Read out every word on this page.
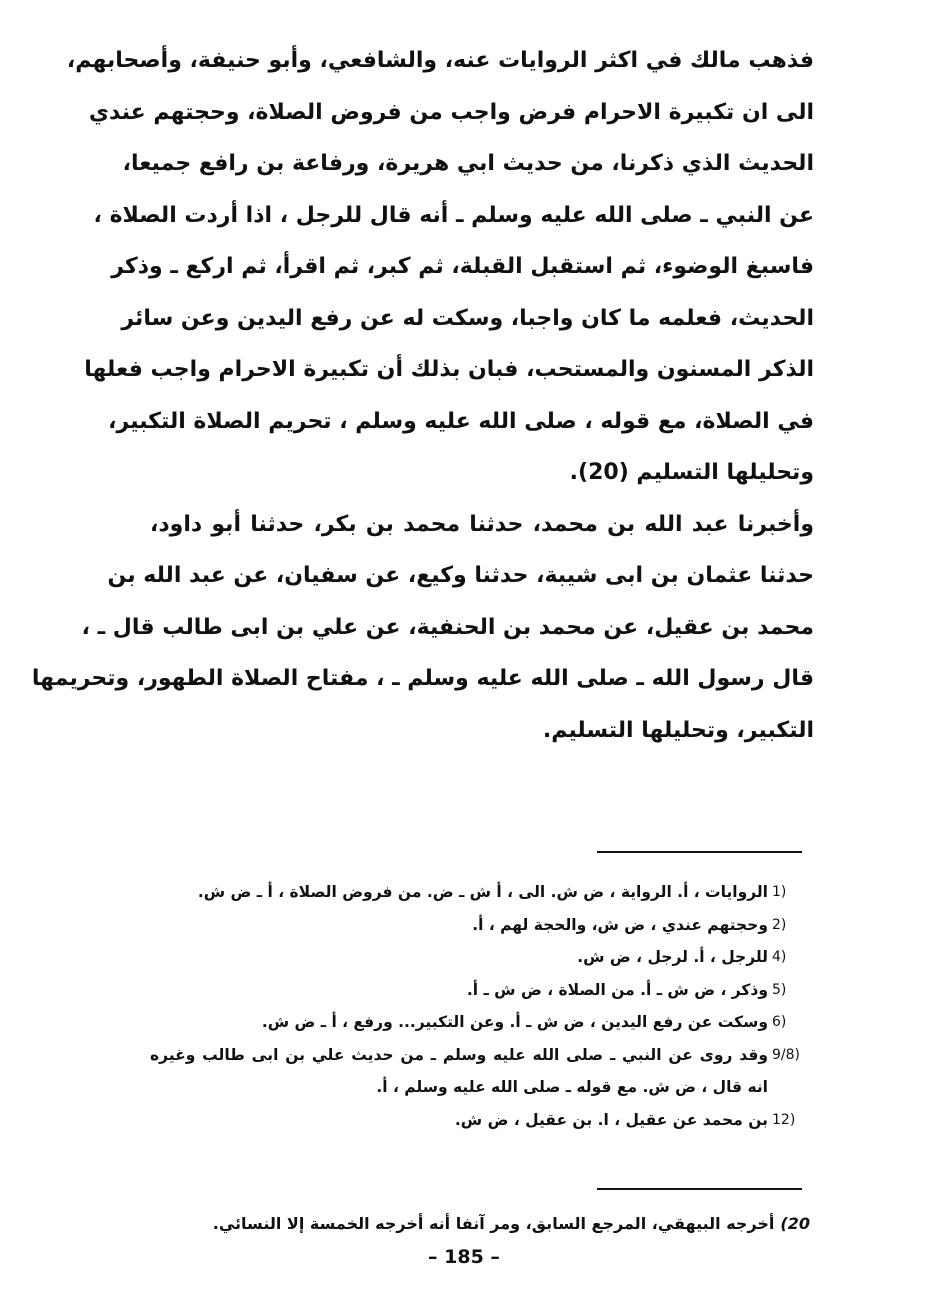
فذهب مالك في اكثر الروايات عنه، والشافعي، وأبو حنيفة، وأصحابهم،
الى ان تكبيرة الاحرام فرض واجب من فروض الصلاة، وحجتهم عندي
الحديث الذي ذكرنا، من حديث ابي هريرة، ورفاعة بن رافع جميعا،
عن النبي ـ صلى الله عليه وسلم ـ أنه قال للرجل ، اذا أردت الصلاة ،
فاسبغ الوضوء، ثم استقبل القبلة، ثم كبر، ثم اقرأ، ثم اركع ـ وذكر
الحديث، فعلمه ما كان واجبا، وسكت له عن رفع اليدين وعن سائر
الذكر المسنون والمستحب، فبان بذلك أن تكبيرة الاحرام واجب فعلها
في الصلاة، مع قوله ، صلى الله عليه وسلم ، تحريم الصلاة التكبير،
وتحليلها التسليم (20).
وأخبرنا عبد الله بن محمد، حدثنا محمد بن بكر، حدثنا أبو داود،
حدثنا عثمان بن ابى شيبة، حدثنا وكيع، عن سفيان، عن عبد الله بن
محمد بن عقيل، عن محمد بن الحنفية، عن علي بن ابى طالب قال ـ ،
قال رسول الله ـ صلى الله عليه وسلم ـ ، مفتاح الصلاة الطهور، وتحريمها
التكبير، وتحليلها التسليم.
1)
الروايات ، أ. الرواية ، ض ش. الى ، أ ش ـ ض. من فروض الصلاة ، أ ـ ض ش.
2)
وحجتهم عندي ، ض ش، والحجة لهم ، أ.
4)
للرجل ، أ. لرجل ، ض ش.
5)
وذكر ، ض ش ـ أ. من الصلاة ، ض ش ـ أ.
6)
وسكت عن رفع اليدين ، ض ش ـ أ. وعن التكبير... ورفع ، أ ـ ض ش.
9/8)
وقد روى عن النبي ـ صلى الله عليه وسلم ـ من حديث علي بن ابى طالب وغيره
انه قال ، ض ش. مع قوله ـ صلى الله عليه وسلم ، أ.
12)
بن محمد عن عقيل ، ا. بن عقيل ، ض ش.
20)
أخرجه البيهقي، المرجع السابق، ومر آنفا أنه أخرجه الخمسة إلا النسائي.
– 185 –
